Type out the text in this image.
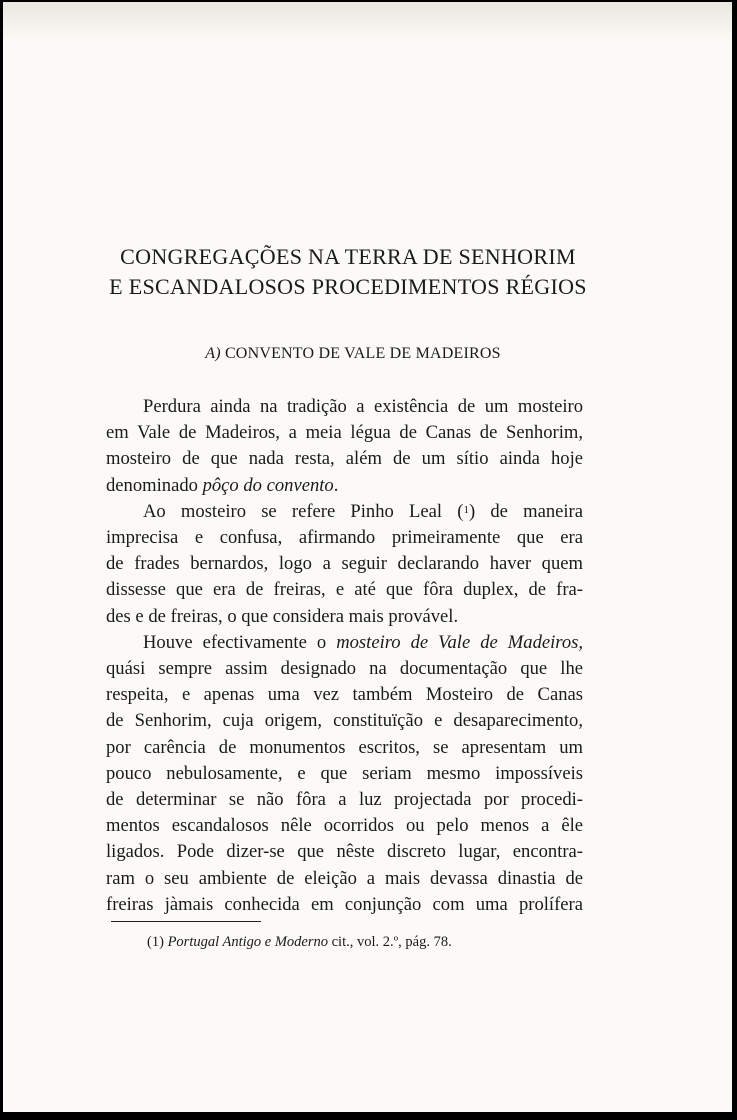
CONGREGAÇÕES NA TERRA DE SENHORIM
E ESCANDALOSOS PROCEDIMENTOS RÉGIOS
A) CONVENTO DE VALE DE MADEIROS
Perdura ainda na tradição a existência de um mosteiro
em Vale de Madeiros, a meia légua de Canas de Senhorim,
mosteiro de que nada resta, além de um sítio ainda hoje
denominado pôço do convento.
Ao mosteiro se refere Pinho Leal ($^1$) de maneira
imprecisa e confusa, afirmando primeiramente que era
de frades bernardos, logo a seguir declarando haver quem
dissesse que era de freiras, e até que fôra duplex, de fra-
des e de freiras, o que considera mais provável.
Houve efectivamente o mosteiro de Vale de Madeiros,
quási sempre assim designado na documentação que lhe
respeita, e apenas uma vez também Mosteiro de Canas
de Senhorim, cuja origem, constituïção e desaparecimento,
por carência de monumentos escritos, se apresentam um
pouco nebulosamente, e que seriam mesmo impossíveis
de determinar se não fôra a luz projectada por procedi-
mentos escandalosos nêle ocorridos ou pelo menos a êle
ligados. Pode dizer-se que nêste discreto lugar, encontra-
ram o seu ambiente de eleição a mais devassa dinastia de
freiras jàmais conhecida em conjunção com uma prolífera
(1) Portugal Antigo e Moderno cit., vol. 2.º, pág. 78.
